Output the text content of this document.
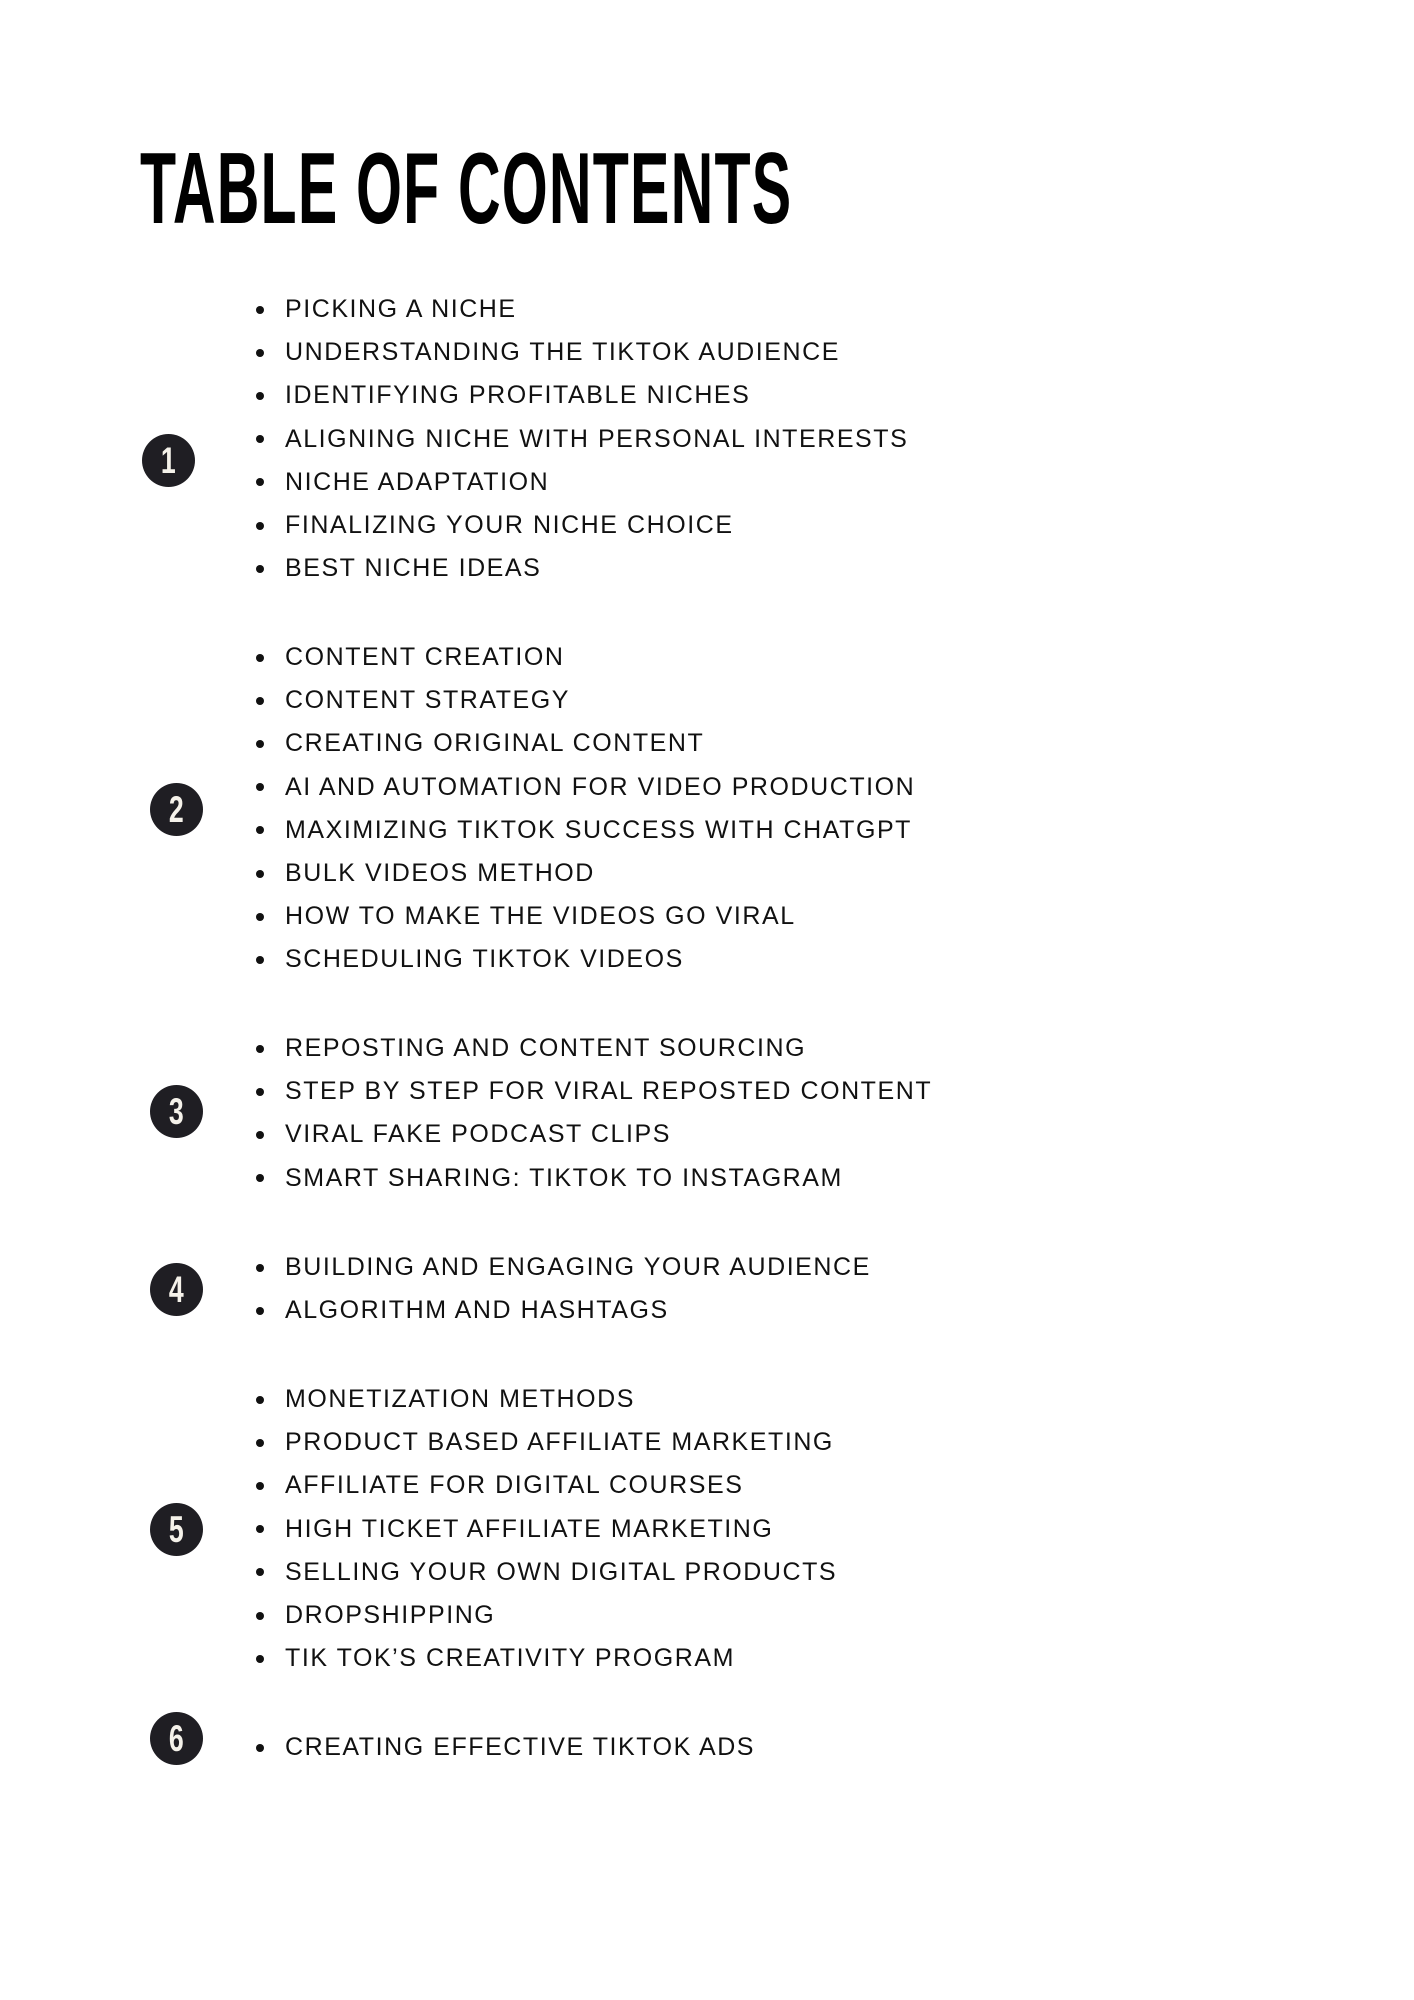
TABLE OF CONTENTS
1
PICKING A NICHE
UNDERSTANDING THE TIKTOK AUDIENCE
IDENTIFYING PROFITABLE NICHES
ALIGNING NICHE WITH PERSONAL INTERESTS
NICHE ADAPTATION
FINALIZING YOUR NICHE CHOICE
BEST NICHE IDEAS
2
CONTENT CREATION
CONTENT STRATEGY
CREATING ORIGINAL CONTENT
AI AND AUTOMATION FOR VIDEO PRODUCTION
MAXIMIZING TIKTOK SUCCESS WITH CHATGPT
BULK VIDEOS METHOD
HOW TO MAKE THE VIDEOS GO VIRAL
SCHEDULING TIKTOK VIDEOS
3
REPOSTING AND CONTENT SOURCING
STEP BY STEP FOR VIRAL REPOSTED CONTENT
VIRAL FAKE PODCAST CLIPS
SMART SHARING: TIKTOK TO INSTAGRAM
4
BUILDING AND ENGAGING YOUR AUDIENCE
ALGORITHM AND HASHTAGS
5
MONETIZATION METHODS
PRODUCT BASED AFFILIATE MARKETING
AFFILIATE FOR DIGITAL COURSES
HIGH TICKET AFFILIATE MARKETING
SELLING YOUR OWN DIGITAL PRODUCTS
DROPSHIPPING
TIK TOK’S CREATIVITY PROGRAM
6	CREATING EFFECTIVE TIKTOK ADS
